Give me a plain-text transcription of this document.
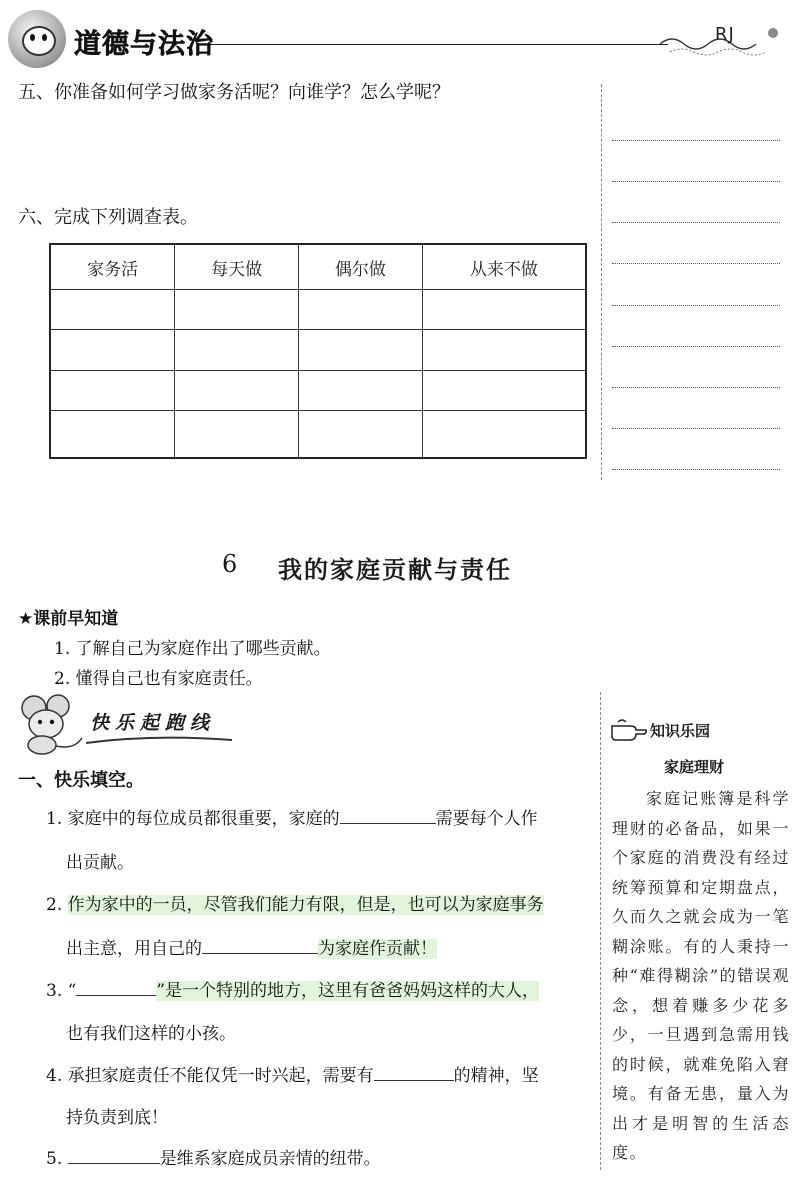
道德与法治	RJ
五、你准备如何学习做家务活呢？向谁学？怎么学呢？
六、完成下列调查表。
家务活	每天做	偶尔做	从来不做

6 我的家庭贡献与责任
★课前早知道
1. 了解自己为家庭作出了哪些贡献。
2. 懂得自己也有家庭责任。
快乐起跑线
一、快乐填空。
1. 家庭中的每位成员都很重要，家庭的	需要每个人作
出贡献。
2. 作为家中的一员，尽管我们能力有限，但是，也可以为家庭事务
出主意，用自己的	为家庭作贡献！
3. “	”是一个特别的地方，这里有爸爸妈妈这样的大人，
也有我们这样的小孩。
4. 承担家庭责任不能仅凭一时兴起，需要有	的精神，坚
持负责到底！
5.	是维系家庭成员亲情的纽带。
知识乐园
家庭理财
家庭记账簿是科学理财的必备品，如果一个家庭的消费没有经过统筹预算和定期盘点，久而久之就会成为一笔糊涂账。有的人秉持一种“难得糊涂”的错误观念，想着赚多少花多少，一旦遇到急需用钱的时候，就难免陷入窘境。有备无患，量入为出才是明智的生活态度。
